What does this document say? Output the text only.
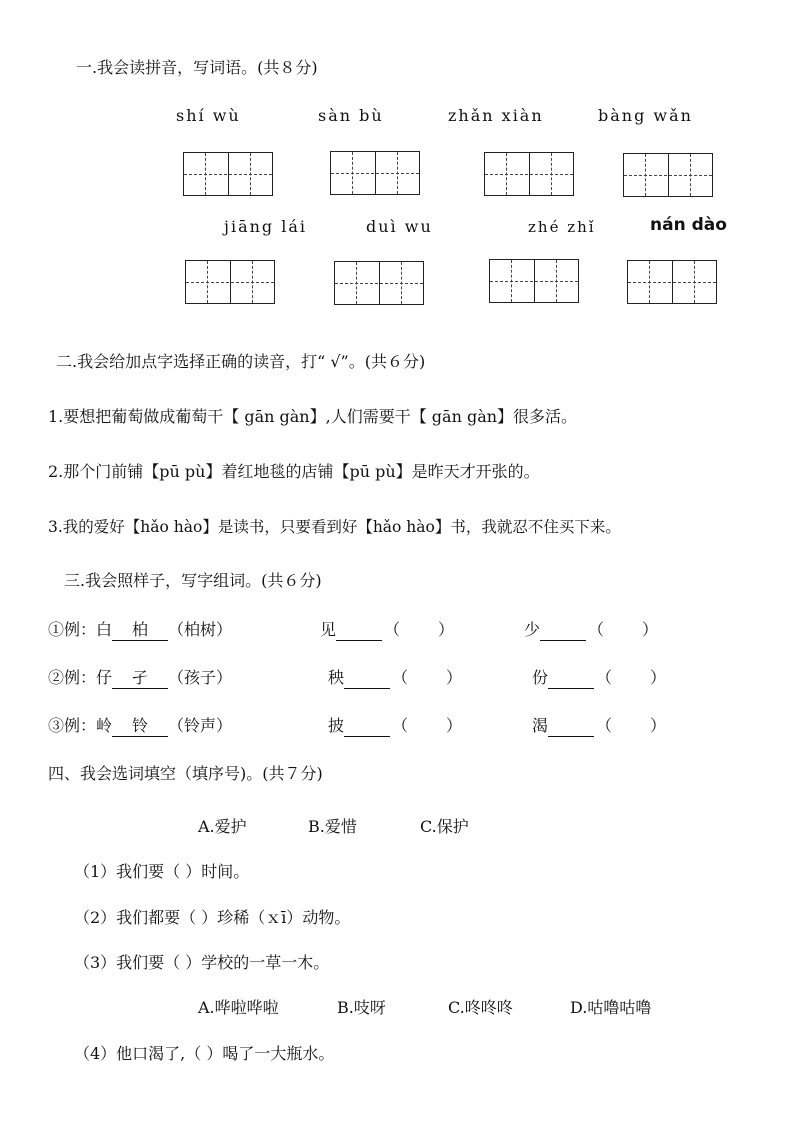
一.我会读拼音，写词语。(共８分)
shí wù	sàn bù	zhǎn xiàn	bàng wǎn
jiāng lái	duì wu	zhé zhǐ	nán dào
二.我会给加点字选择正确的读音，打“ √”。(共６分)
1.要想把葡萄做成葡萄干【 gān gàn】,人们需要干【 gān gàn】很多活。
2.那个门前铺【pū pù】着红地毯的店铺【pū pù】是昨天才开张的。
3.我的爱好【hǎo hào】是读书，只要看到好【hǎo hào】书，我就忍不住买下来。
三.我会照样子，写字组词。(共６分)
①例：白 柏 （柏树）	见	（ ）	少	（ ）
②例：仔 孑 （孩子）	秧	（ ）	份	（ ）
③例：岭 铃 （铃声）	披	（ ）	渴	（ ）
四、我会选词填空（填序号)。(共７分)
A.爱护	B.爱惜	C.保护
（1）我们要（ ）时间。
（2）我们都要（ ）珍稀（ｘī）动物。
（3）我们要（ ）学校的一草一木。
A.哗啦哗啦	B.吱呀	C.咚咚咚	D.咕噜咕噜
（4）他口渴了,（ ）喝了一大瓶水。
